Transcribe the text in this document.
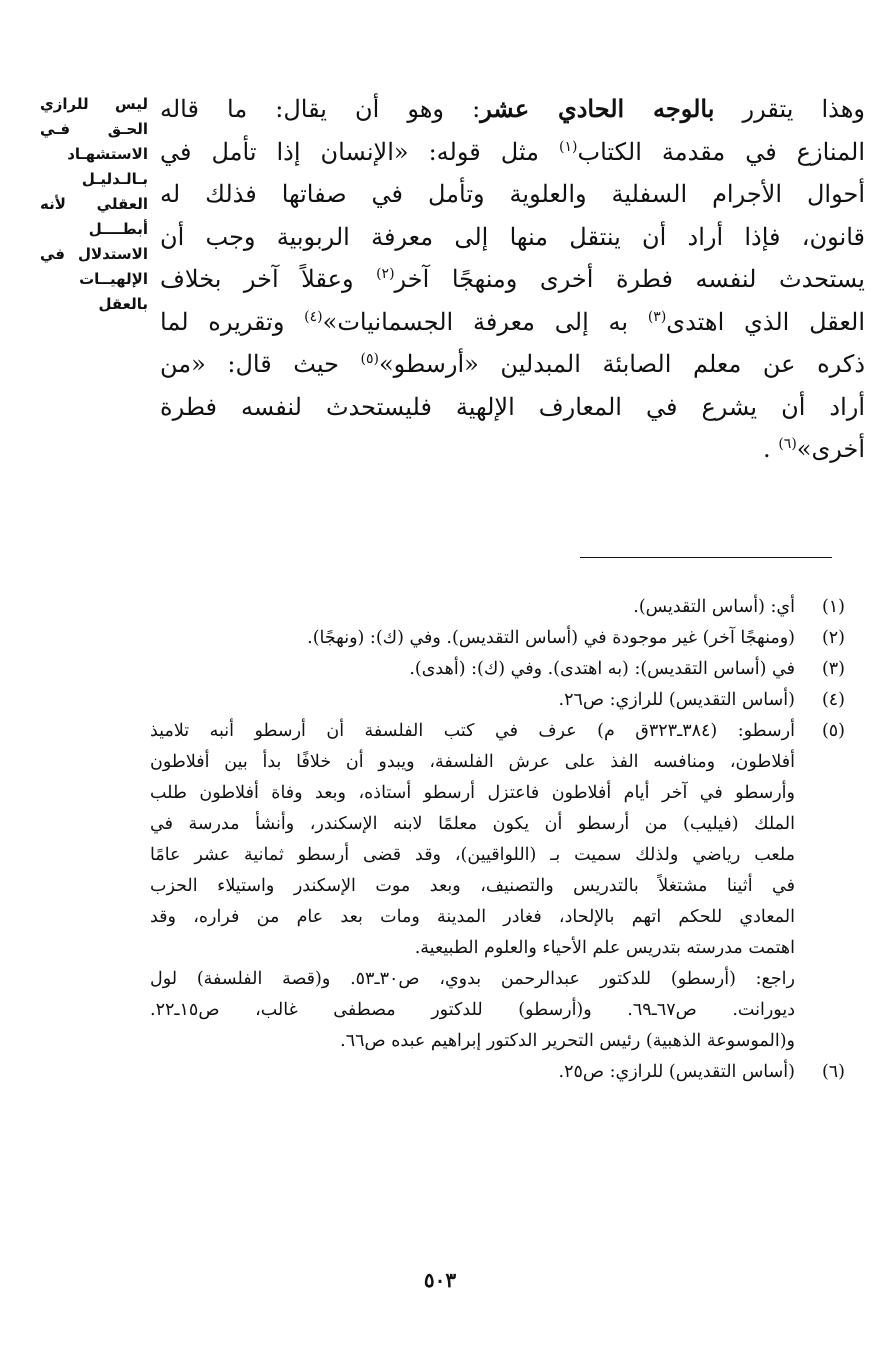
ليس للرازي
الحـق فـي
الاستشهـاد
بـالـدليـل
العقلي لأنه
أبطــــل
الاستدلال في
الإلهيــات
بالعقل
وهذا يتقرر بالوجه الحادي عشر: وهو أن يقال: ما قاله
المنازع في مقدمة الكتاب$^{(١)}$ مثل قوله: «الإنسان إذا تأمل في
أحوال الأجرام السفلية والعلوية وتأمل في صفاتها فذلك له
قانون، فإذا أراد أن ينتقل منها إلى معرفة الربوبية وجب أن
يستحدث لنفسه فطرة أخرى ومنهجًا آخر$^{(٢)}$ وعقلاً آخر بخلاف
العقل الذي اهتدى$^{(٣)}$ به إلى معرفة الجسمانيات»$^{(٤)}$ وتقريره لما
ذكره عن معلم الصابئة المبدلين «أرسطو»$^{(٥)}$ حيث قال: «من
أراد أن يشرع في المعارف الإلهية فليستحدث لنفسه فطرة
أخرى»$^{(٦)}$ .
(١)
أي: (أساس التقديس).
(٢)
(ومنهجًا آخر) غير موجودة في (أساس التقديس). وفي (ك): (ونهجًا).
(٣)
في (أساس التقديس): (به اهتدى). وفي (ك): (أهدى).
(٤)
(أساس التقديس) للرازي: ص٢٦.
(٥)
أرسطو: (٣٨٤ـ٣٢٣ق م) عرف في كتب الفلسفة أن أرسطو أنبه تلاميذ
أفلاطون، ومنافسه الفذ على عرش الفلسفة، ويبدو أن خلافًا بدأ بين أفلاطون
وأرسطو في آخر أيام أفلاطون فاعتزل أرسطو أستاذه، وبعد وفاة أفلاطون طلب
الملك (فيليب) من أرسطو أن يكون معلمًا لابنه الإسكندر، وأنشأ مدرسة في
ملعب رياضي ولذلك سميت بـ (اللواقيين)، وقد قضى أرسطو ثمانية عشر عامًا
في أثينا مشتغلاً بالتدريس والتصنيف، وبعد موت الإسكندر واستيلاء الحزب
المعادي للحكم اتهم بالإلحاد، فغادر المدينة ومات بعد عام من فراره، وقد
اهتمت مدرسته بتدريس علم الأحياء والعلوم الطبيعية.
راجع: (أرسطو) للدكتور عبدالرحمن بدوي، ص٣٠ـ٥٣. و(قصة الفلسفة) لول
ديورانت. ص٦٧ـ٦٩. و(أرسطو) للدكتور مصطفى غالب، ص١٥ـ٢٢.
و(الموسوعة الذهبية) رئيس التحرير الدكتور إبراهيم عبده ص٦٦.
(٦)
(أساس التقديس) للرازي: ص٢٥.
٥٠٣
